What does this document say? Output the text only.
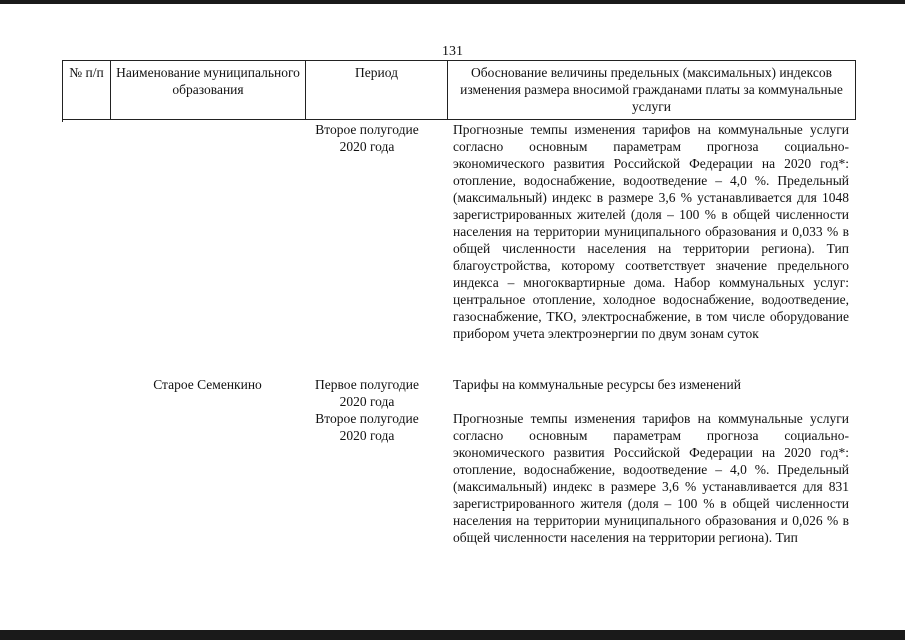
131
№ п/п Наименование муниципального образования
Период	Обоснование величины предельных (максимальных) индексов изменения размера вносимой гражданами платы за коммунальные услуги
Второе полугодие 2020 года

Прогнозные темпы изменения тарифов на коммунальные услуги согласно основным параметрам прогноза социально-экономического развития Российской Федерации на 2020 год*: отопление, водоснабжение, водоотведение – 4,0 %. Предельный (максимальный) индекс в размере 3,6 % устанавливается для 1048 зарегистрированных жителей (доля – 100 % в общей численности населения на территории муниципального образования и 0,033 % в общей численности населения на территории региона). Тип благоустройства, которому соответствует значение предельного индекса – многоквартирные дома. Набор коммунальных услуг: центральное отопление, холодное водоснабжение, водоотведение, газоснабжение, ТКО, электроснабжение, в том числе оборудование прибором учета электроэнергии по двум зонам суток

Старое Семенкино	Первое полугодие 2020 года

Тарифы на коммунальные ресурсы без изменений

Второе полугодие 2020 года

Прогнозные темпы изменения тарифов на коммунальные услуги согласно основным параметрам прогноза социально-экономического развития Российской Федерации на 2020 год*: отопление, водоснабжение, водоотведение – 4,0 %. Предельный (максимальный) индекс в размере 3,6 % устанавливается для 831 зарегистрированного жителя (доля – 100 % в общей численности населения на территории муниципального образования и 0,026 % в общей численности населения на территории региона). Тип
